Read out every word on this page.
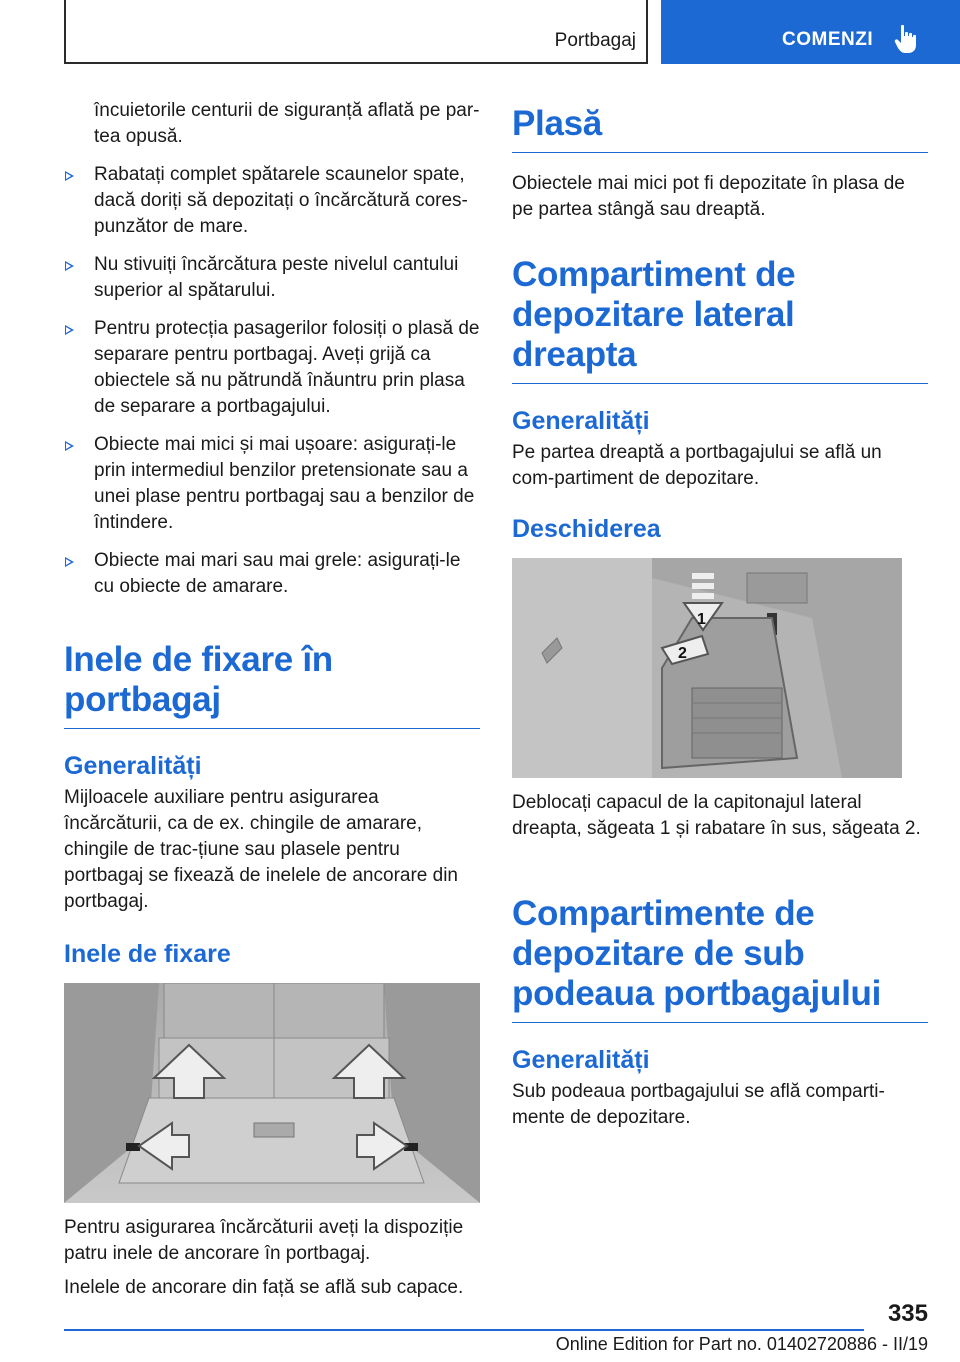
Portbagaj	COMENZI

încuietorile centurii de siguranță aflată pe par-tea opusă.

Rabatați complet spătarele scaunelor spate, dacă doriți să depozitați o încărcătură cores-punzător de mare.
Nu stivuiți încărcătura peste nivelul cantului superior al spătarului.
Pentru protecția pasagerilor folosiți o plasă de separare pentru portbagaj. Aveți grijă ca obiectele să nu pătrundă înăuntru prin plasa de separare a portbagajului.
Obiecte mai mici și mai ușoare: asigurați-le prin intermediul benzilor pretensionate sau a unei plase pentru portbagaj sau a benzilor de întindere.
Obiecte mai mari sau mai grele: asigurați-le cu obiecte de amarare.
Inele de fixare în portbagaj
Generalități

Mijloacele auxiliare pentru asigurarea încărcăturii, ca de ex. chingile de amarare, chingile de trac-țiune sau plasele pentru portbagaj se fixează de inelele de ancorare din portbagaj.

Inele de fixare

Pentru asigurarea încărcăturii aveți la dispoziție patru inele de ancorare în portbagaj.

Inelele de ancorare din față se află sub capace.

Plasă

Obiectele mai mici pot fi depozitate în plasa de pe partea stângă sau dreaptă.

Compartiment de depozitare lateral dreapta
Generalități

Pe partea dreaptă a portbagajului se află un com-partiment de depozitare.

Deschiderea
1
2

Deblocați capacul de la capitonajul lateral dreapta, săgeata 1 și rabatare în sus, săgeata 2.

Compartimente de depozitare de sub podeaua portbagajului
Generalități

Sub podeaua portbagajului se află comparti-mente de depozitare.

335
Online Edition for Part no. 01402720886 - II/19
